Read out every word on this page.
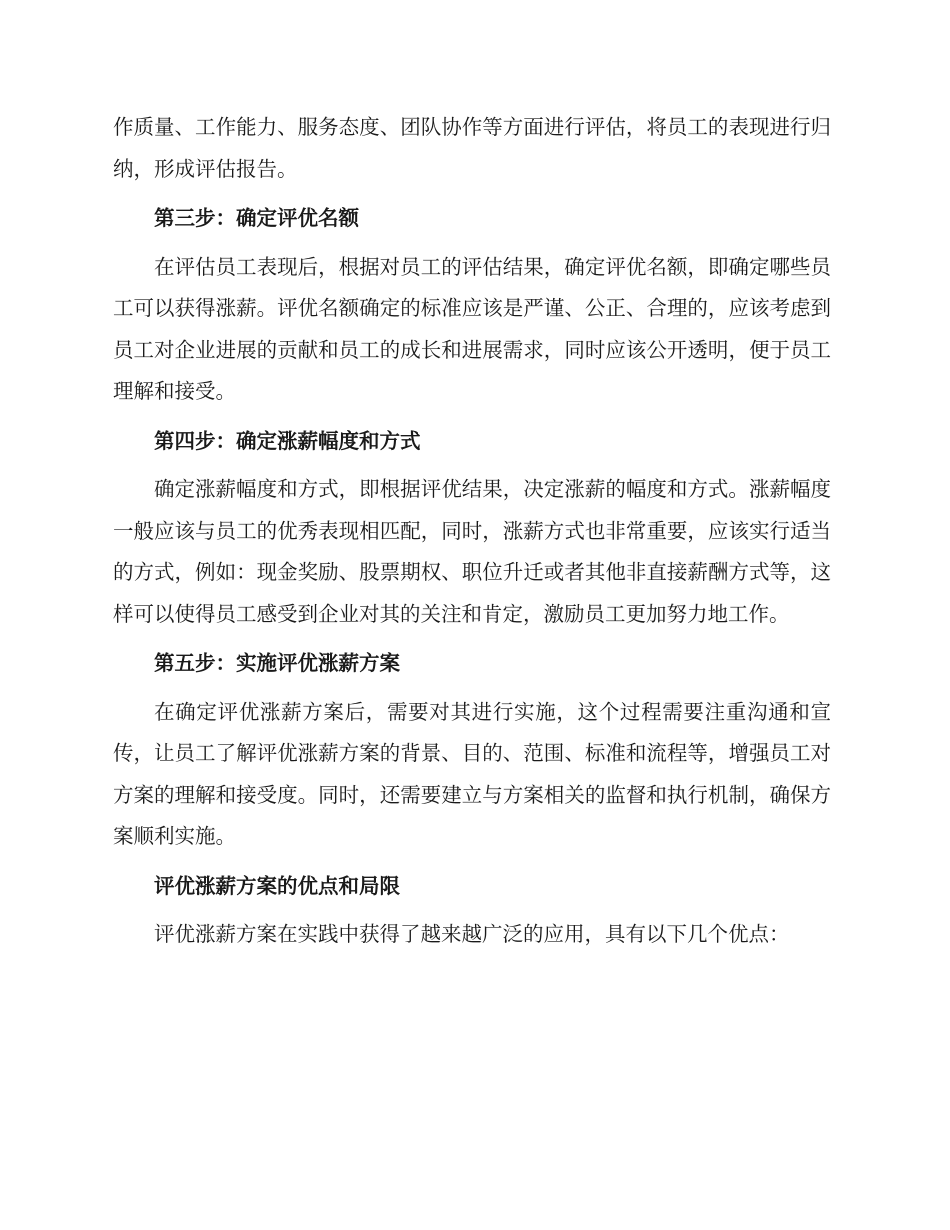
作质量、工作能力、服务态度、团队协作等方面进行评估，将员工的表现进行归纳，形成评估报告。

第三步：确定评优名额

在评估员工表现后，根据对员工的评估结果，确定评优名额，即确定哪些员工可以获得涨薪。评优名额确定的标准应该是严谨、公正、合理的，应该考虑到员工对企业进展的贡献和员工的成长和进展需求，同时应该公开透明，便于员工理解和接受。

第四步：确定涨薪幅度和方式

确定涨薪幅度和方式，即根据评优结果，决定涨薪的幅度和方式。涨薪幅度一般应该与员工的优秀表现相匹配，同时，涨薪方式也非常重要，应该实行适当的方式，例如：现金奖励、股票期权、职位升迁或者其他非直接薪酬方式等，这样可以使得员工感受到企业对其的关注和肯定，激励员工更加努力地工作。

第五步：实施评优涨薪方案

在确定评优涨薪方案后，需要对其进行实施，这个过程需要注重沟通和宣传，让员工了解评优涨薪方案的背景、目的、范围、标准和流程等，增强员工对方案的理解和接受度。同时，还需要建立与方案相关的监督和执行机制，确保方案顺利实施。

评优涨薪方案的优点和局限

评优涨薪方案在实践中获得了越来越广泛的应用，具有以下几个优点：
